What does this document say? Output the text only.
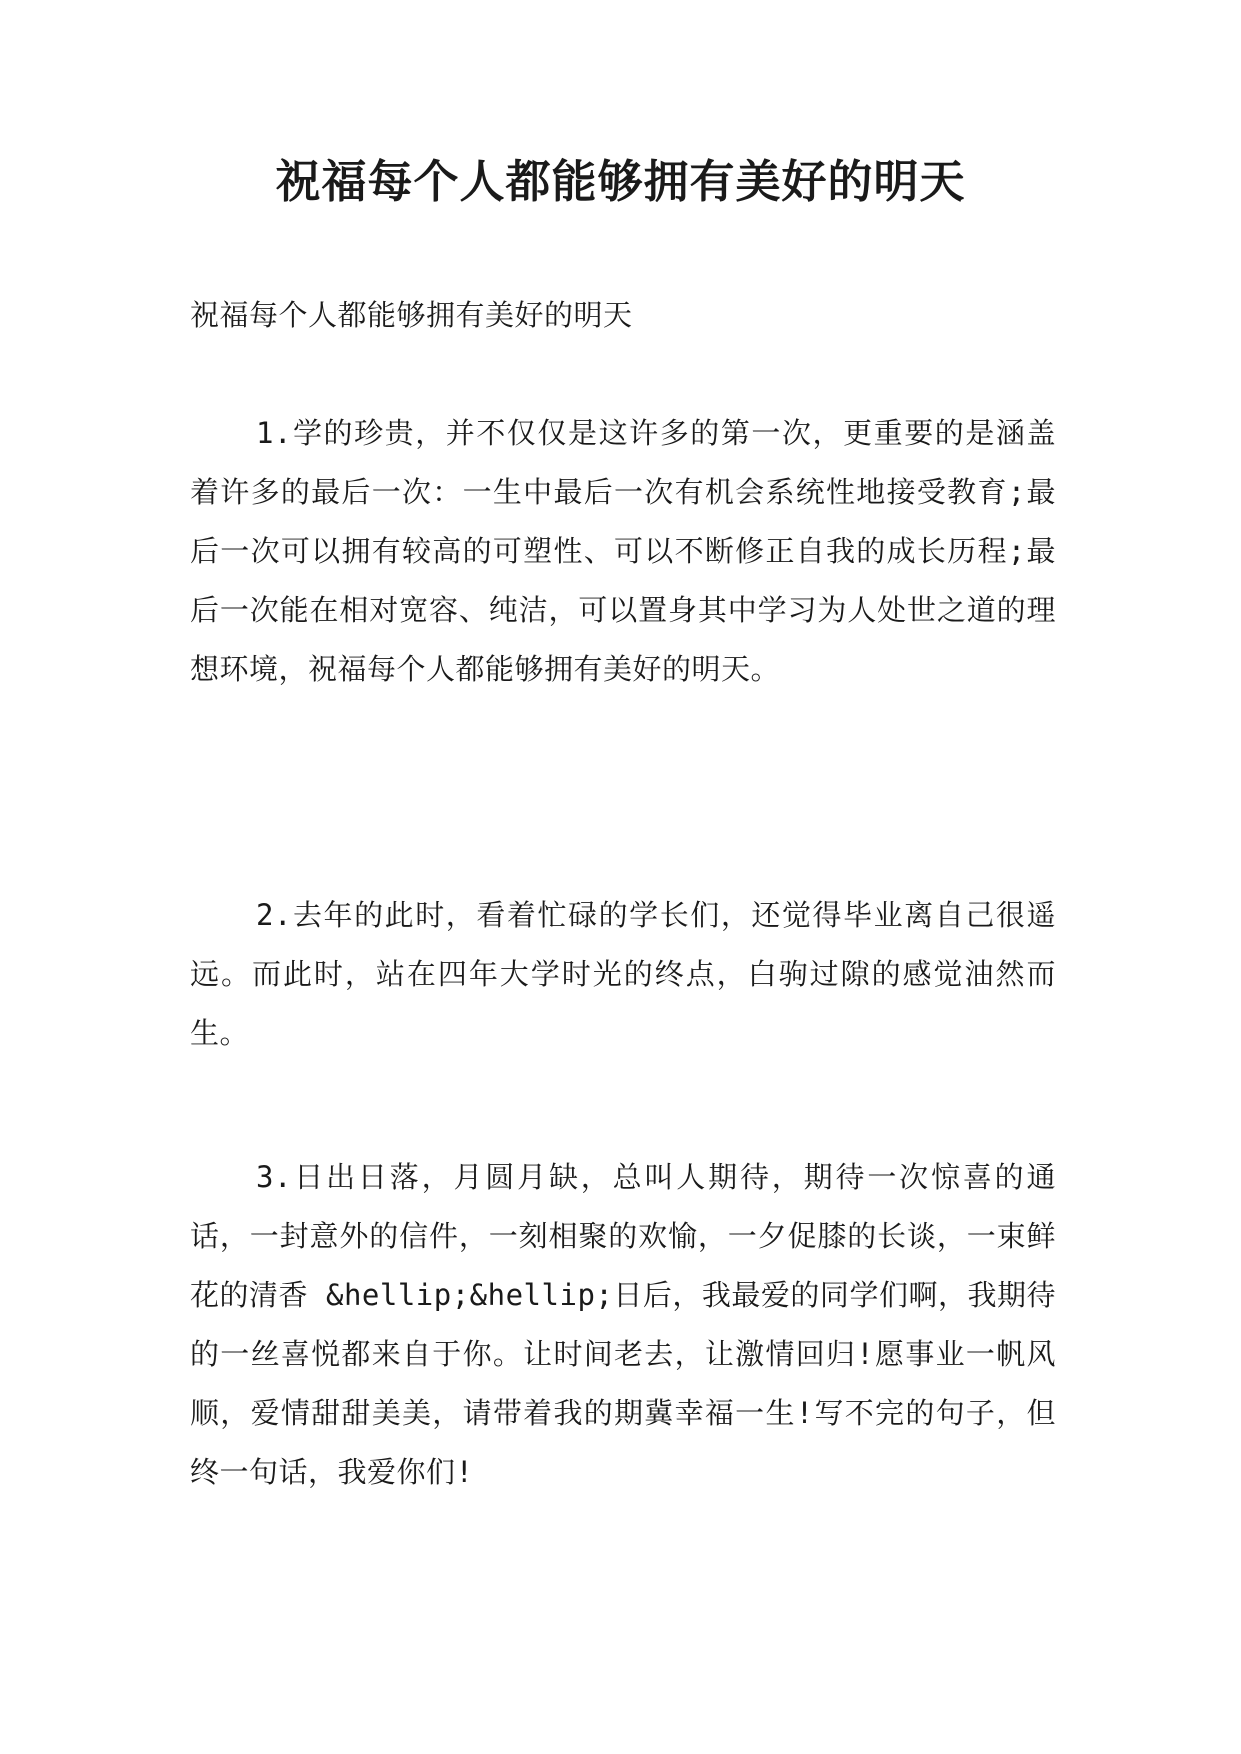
祝福每个人都能够拥有美好的明天

祝福每个人都能够拥有美好的明天

1.学的珍贵，并不仅仅是这许多的第一次，更重要的是涵盖着许多的最后一次：一生中最后一次有机会系统性地接受教育;最后一次可以拥有较高的可塑性、可以不断修正自我的成长历程;最后一次能在相对宽容、纯洁，可以置身其中学习为人处世之道的理想环境，祝福每个人都能够拥有美好的明天。

2.去年的此时，看着忙碌的学长们，还觉得毕业离自己很遥远。而此时，站在四年大学时光的终点，白驹过隙的感觉油然而生。

3.日出日落，月圆月缺，总叫人期待，期待一次惊喜的通话，一封意外的信件，一刻相聚的欢愉，一夕促膝的长谈，一束鲜花的清香 &hellip;&hellip;日后，我最爱的同学们啊，我期待的一丝喜悦都来自于你。让时间老去，让激情回归!愿事业一帆风顺，爱情甜甜美美，请带着我的期冀幸福一生!写不完的句子，但终一句话，我爱你们!
